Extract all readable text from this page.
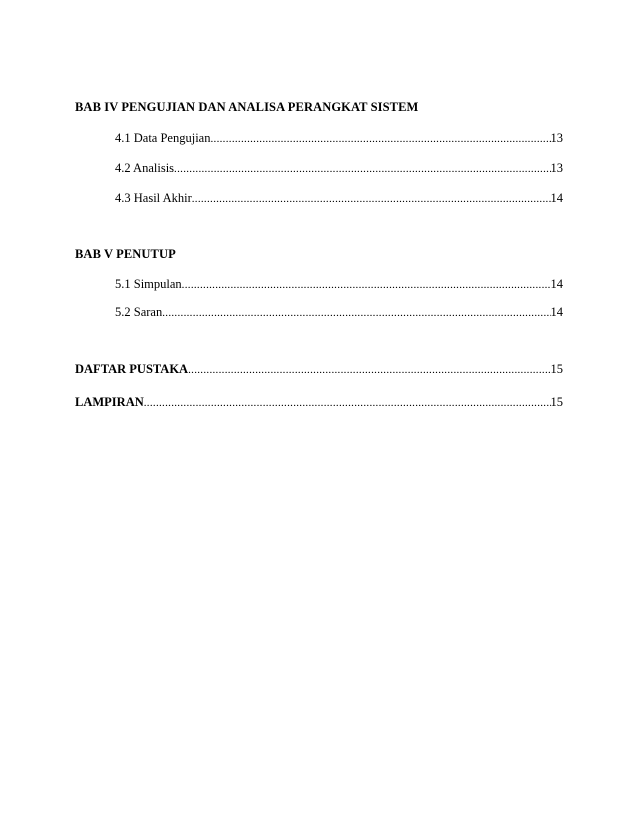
BAB IV PENGUJIAN DAN ANALISA PERANGKAT SISTEM
4.1 Data Pengujian .....	13
4.2 Analisis .....	13
4.3 Hasil Akhir .....	14
BAB V PENUTUP
5.1 Simpulan .....	14
5.2 Saran .....	14
DAFTAR PUSTAKA .....	15
LAMPIRAN .....	15
